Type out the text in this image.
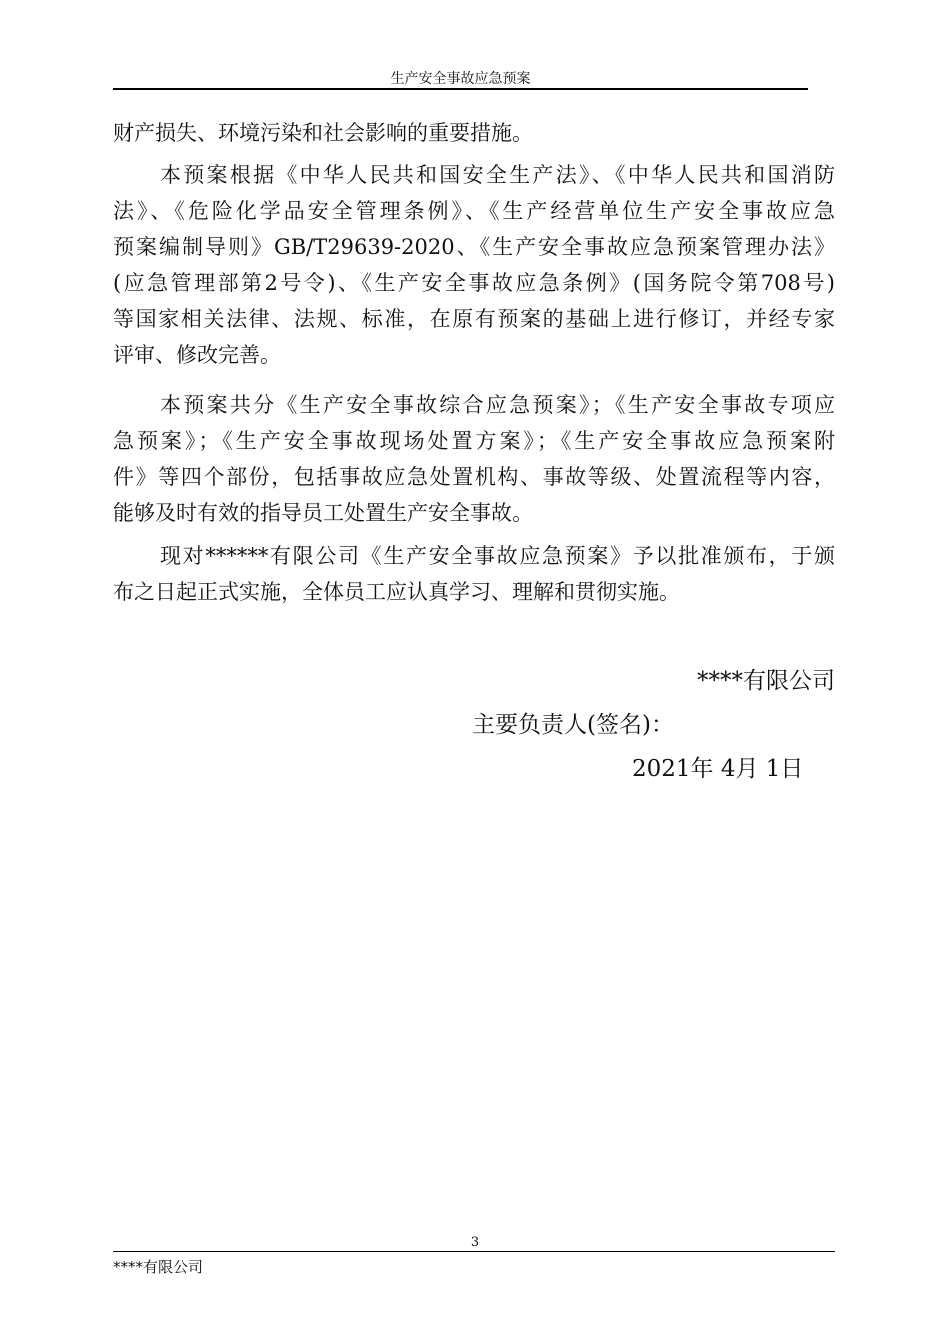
生产安全事故应急预案
财产损失、环境污染和社会影响的重要措施。
本预案根据《中华人民共和国安全生产法》、《中华人民共和国消防
法》、《危险化学品安全管理条例》、《生产经营单位生产安全事故应急
预案编制导则》GB/T29639-2020、《生产安全事故应急预案管理办法》
(应急管理部第2号令)、《生产安全事故应急条例》(国务院令第708号)
等国家相关法律、法规、标准，在原有预案的基础上进行修订，并经专家
评审、修改完善。
本预案共分《生产安全事故综合应急预案》；《生产安全事故专项应
急预案》；《生产安全事故现场处置方案》；《生产安全事故应急预案附
件》等四个部份，包括事故应急处置机构、事故等级、处置流程等内容，
能够及时有效的指导员工处置生产安全事故。
现对******有限公司《生产安全事故应急预案》予以批准颁布，于颁
布之日起正式实施，全体员工应认真学习、理解和贯彻实施。
****有限公司
主要负责人(签名)：
2021年 4月 1日
3
****有限公司
